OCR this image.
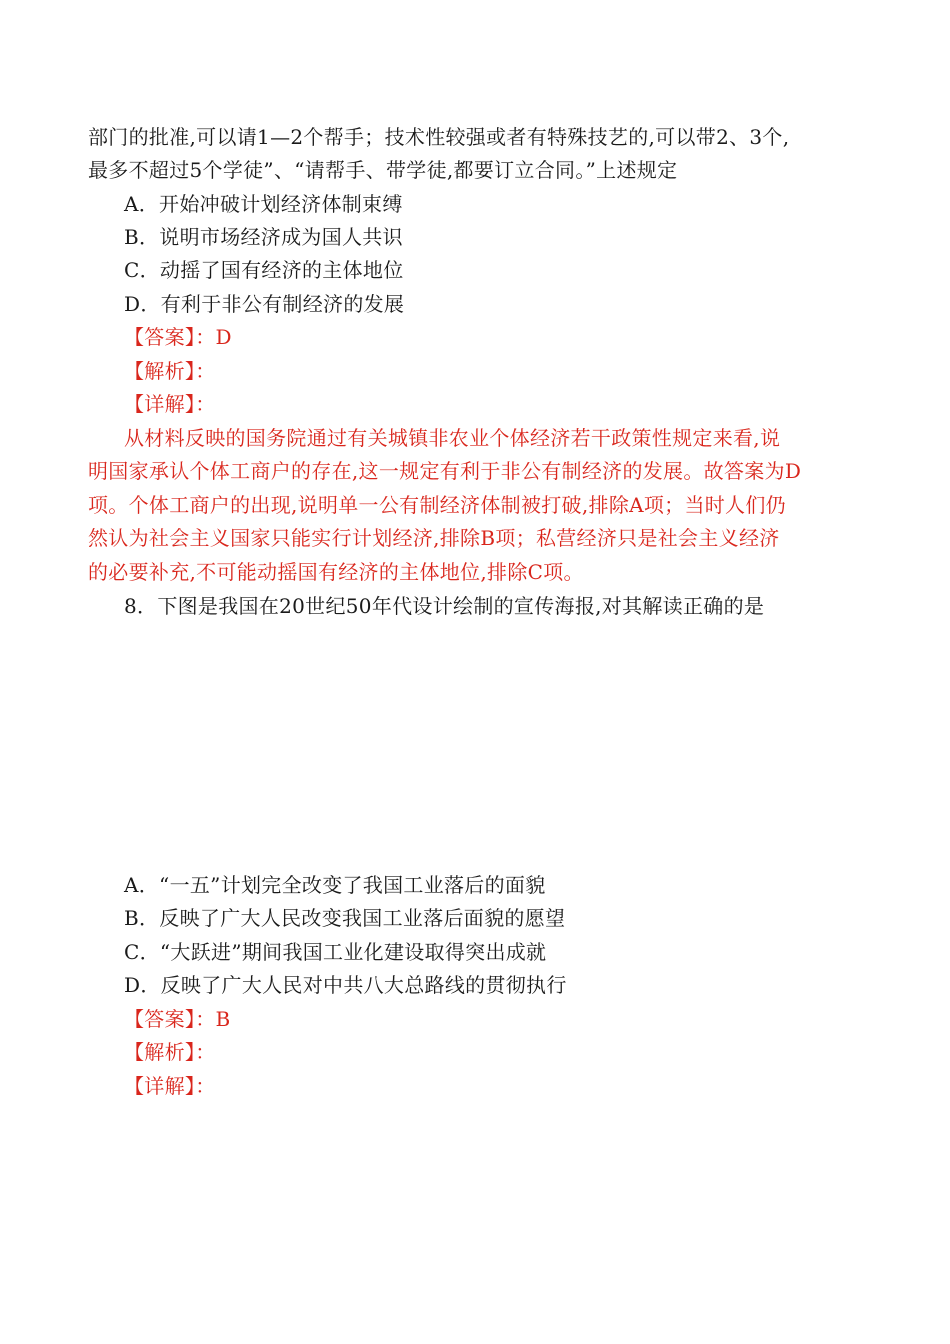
部门的批准,可以请1—2个帮手；技术性较强或者有特殊技艺的,可以带2、3个,
最多不超过5个学徒”、“请帮手、带学徒,都要订立合同。”上述规定
A．开始冲破计划经济体制束缚
B．说明市场经济成为国人共识
C．动摇了国有经济的主体地位
D．有利于非公有制经济的发展
【答案】：D
【解析】：
【详解】：
从材料反映的国务院通过有关城镇非农业个体经济若干政策性规定来看,说
明国家承认个体工商户的存在,这一规定有利于非公有制经济的发展。故答案为D
项。个体工商户的出现,说明单一公有制经济体制被打破,排除A项；当时人们仍
然认为社会主义国家只能实行计划经济,排除B项；私营经济只是社会主义经济
的必要补充,不可能动摇国有经济的主体地位,排除C项。
8．下图是我国在20世纪50年代设计绘制的宣传海报,对其解读正确的是
A．“一五”计划完全改变了我国工业落后的面貌
B．反映了广大人民改变我国工业落后面貌的愿望
C．“大跃进”期间我国工业化建设取得突出成就
D．反映了广大人民对中共八大总路线的贯彻执行
【答案】：B
【解析】：
【详解】：
